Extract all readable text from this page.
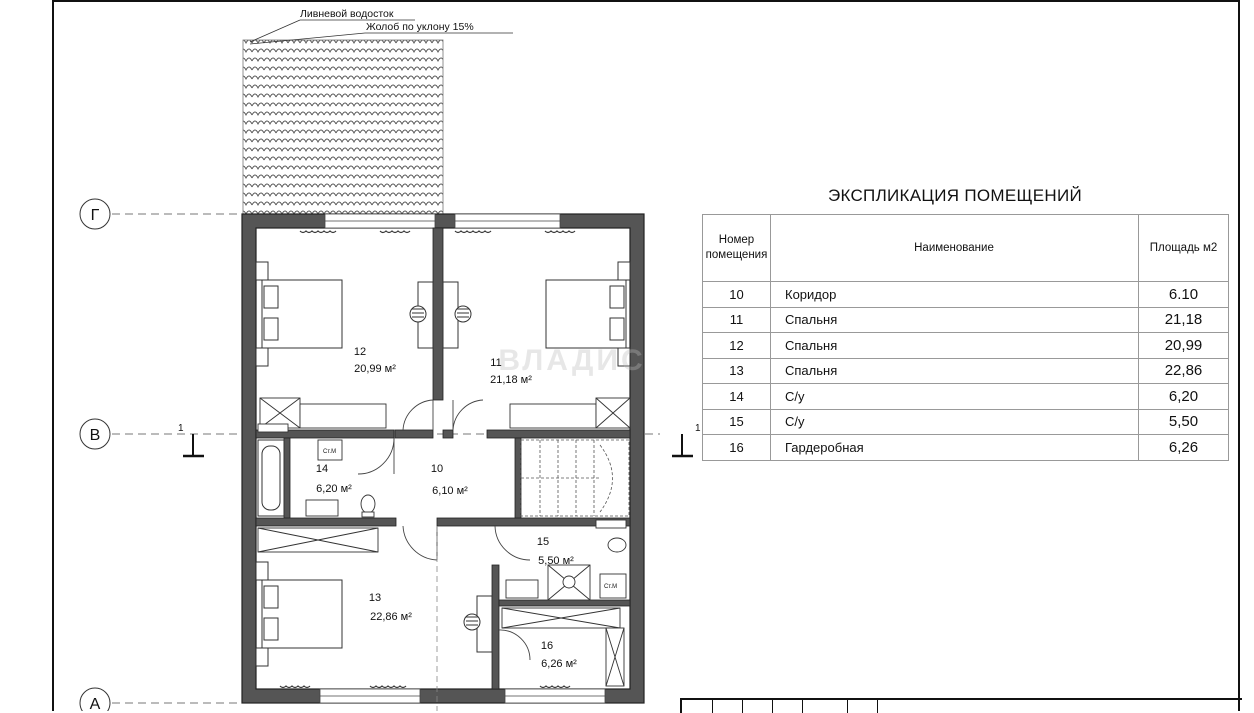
Ливневой водосток
Жолоб по уклону 15%
Г
В
А
1	1
Ст.М
Ст.М
ВЛАДИС
12
20,99 м²	11
21,18 м²
14
6,20 м²
10
6,10 м²
15
5,50 м²
13
22,86 м²
16
6,26 м²
ЭКСПЛИКАЦИЯ ПОМЕЩЕНИЙ
Номер помещения	Наименование	Площадь м2
10	Коридор	6.10
11	Спальня	21,18
12	Спальня	20,99
13	Спальня	22,86
14	С/у	6,20
15	С/у	5,50
16	Гардеробная	6,26
